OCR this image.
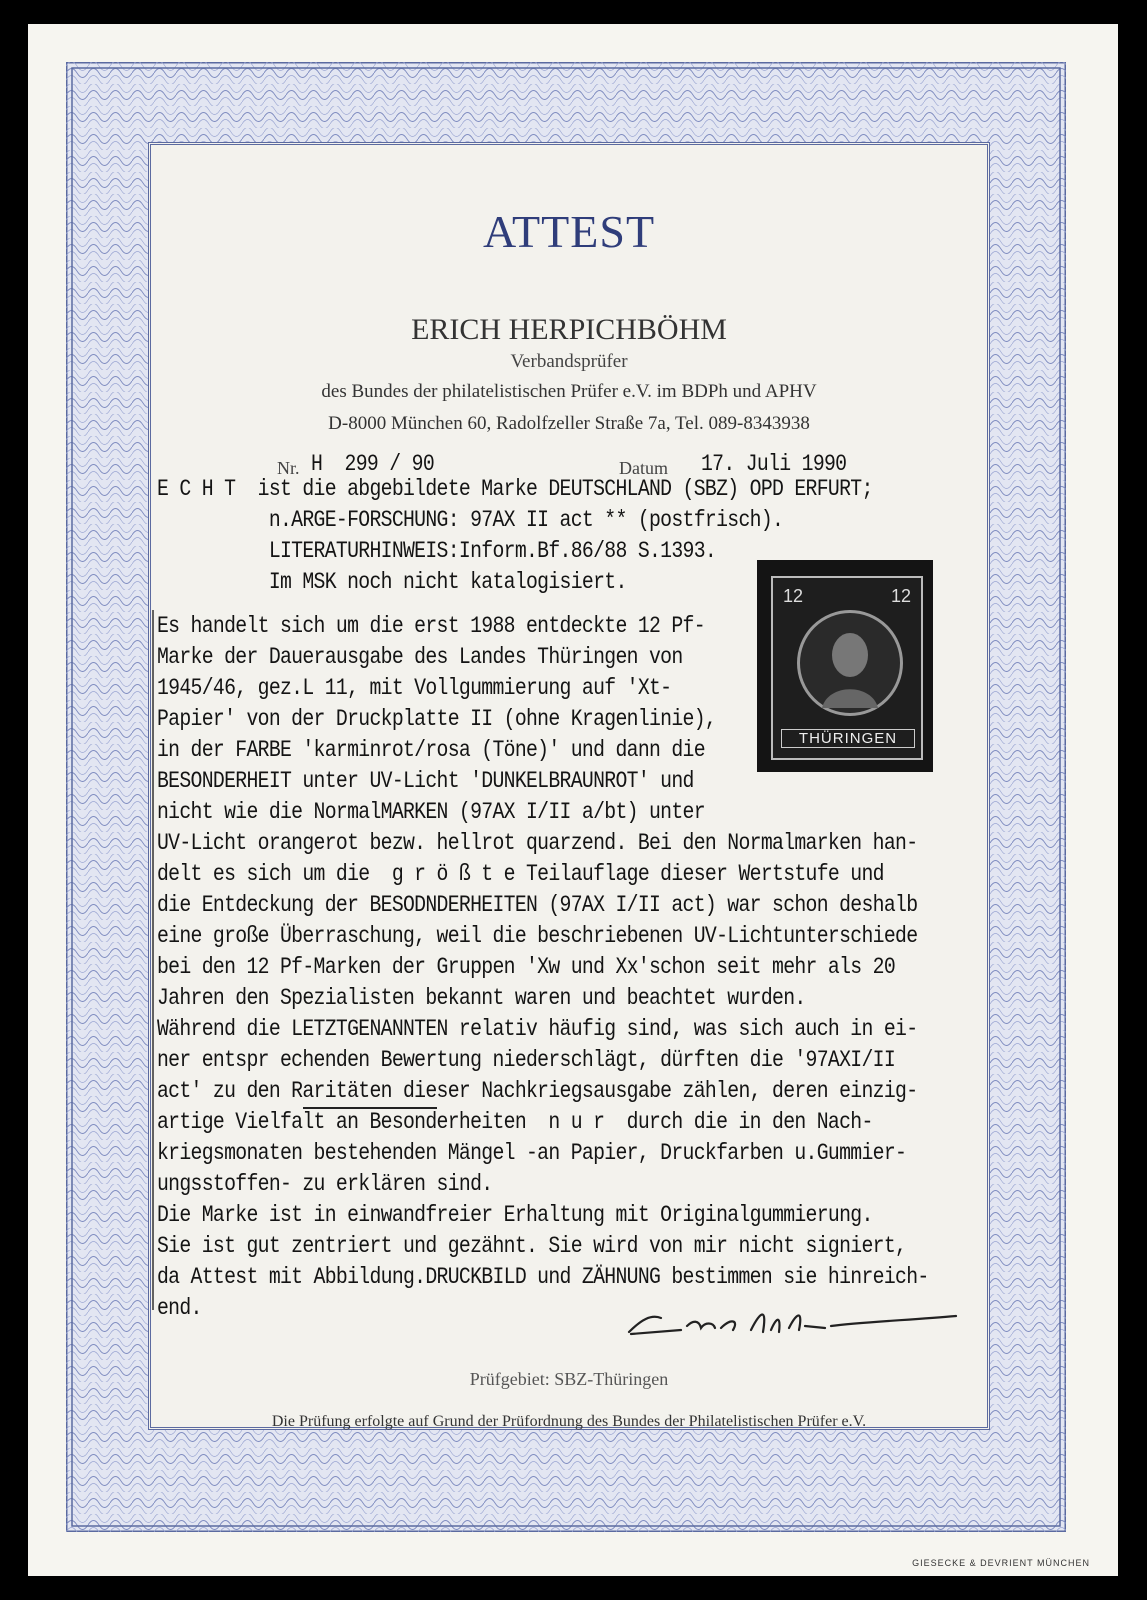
ATTEST
ERICH HERPICHBÖHM
Verbandsprüfer
des Bundes der philatelistischen Prüfer e.V. im BDPh und APHV
D-8000 München 60, Radolfzeller Straße 7a, Tel. 089-8343938
Nr. H  299 / 90	Datum 17. Juli 1990
E C H T  ist die abgebildete Marke DEUTSCHLAND (SBZ) OPD ERFURT;
n.ARGE-FORSCHUNG: 97AX II act ** (postfrisch).
LITERATURHINWEIS:Inform.Bf.86/88 S.1393.
Im MSK noch nicht katalogisiert.
Es handelt sich um die erst 1988 entdeckte 12 Pf-
Marke der Dauerausgabe des Landes Thüringen von
1945/46, gez.L 11, mit Vollgummierung auf 'Xt-
Papier' von der Druckplatte II (ohne Kragenlinie),
in der FARBE 'karminrot/rosa (Töne)' und dann die
BESONDERHEIT unter UV-Licht 'DUNKELBRAUNROT' und
nicht wie die NormalMARKEN (97AX I/II a/bt) unter
UV-Licht orangerot bezw. hellrot quarzend. Bei den Normalmarken han-
delt es sich um die  g r ö ß t e Teilauflage dieser Wertstufe und
die Entdeckung der BESODNDERHEITEN (97AX I/II act) war schon deshalb
eine große Überraschung, weil die beschriebenen UV-Lichtunterschiede
bei den 12 Pf-Marken der Gruppen 'Xw und Xx'schon seit mehr als 20
Jahren den Spezialisten bekannt waren und beachtet wurden.
Während die LETZTGENANNTEN relativ häufig sind, was sich auch in ei-
ner entspr echenden Bewertung niederschlägt, dürften die '97AXI/II
act' zu den Raritäten dieser Nachkriegsausgabe zählen, deren einzig-
artige Vielfalt an Besonderheiten  n u r  durch die in den Nach-
kriegsmonaten bestehenden Mängel -an Papier, Druckfarben u.Gummier-
ungsstoffen- zu erklären sind.
Die Marke ist in einwandfreier Erhaltung mit Originalgummierung.
Sie ist gut zentriert und gezähnt. Sie wird von mir nicht signiert,
da Attest mit Abbildung.DRUCKBILD und ZÄHNUNG bestimmen sie hinreich-
end.
Prüfgebiet: SBZ-Thüringen
Die Prüfung erfolgte auf Grund der Prüfordnung des Bundes der Philatelistischen Prüfer e.V.
GIESECKE & DEVRIENT MÜNCHEN
12	12
THÜRINGEN
